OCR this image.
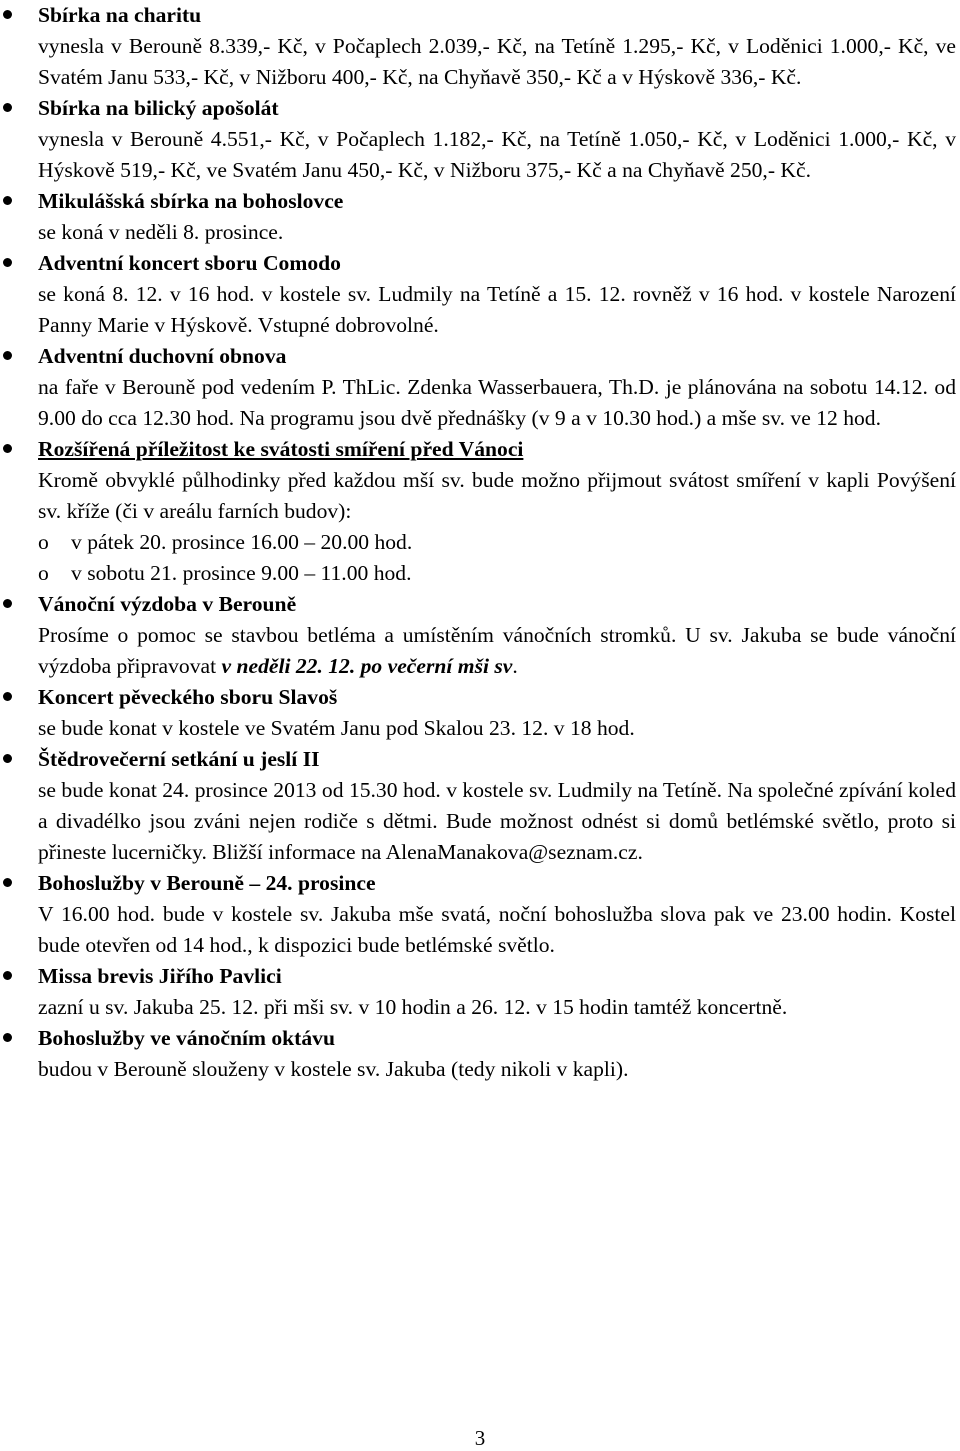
Sbírka na charitu
vynesla v Berouně 8.339,- Kč, v Počaplech 2.039,- Kč, na Tetíně 1.295,- Kč, v Loděnici 1.000,- Kč, ve Svatém Janu 533,- Kč, v Nižboru 400,- Kč, na Chyňavě 350,- Kč a v Hýskově 336,- Kč.
Sbírka na bilický apošolát
vynesla v Berouně 4.551,- Kč, v Počaplech 1.182,- Kč, na Tetíně 1.050,- Kč, v Loděnici 1.000,- Kč, v Hýskově 519,- Kč, ve Svatém Janu 450,- Kč, v Nižboru 375,- Kč a na Chyňavě 250,- Kč.
Mikulášská sbírka na bohoslovce
se koná v neděli 8. prosince.
Adventní koncert sboru Comodo
se koná 8. 12. v 16 hod. v kostele sv. Ludmily na Tetíně a 15. 12. rovněž v 16 hod. v kostele Narození Panny Marie v Hýskově. Vstupné dobrovolné.
Adventní duchovní obnova
na faře v Berouně pod vedením P. ThLic. Zdenka Wasserbauera, Th.D. je plánována na sobotu 14.12. od 9.00 do cca 12.30 hod. Na programu jsou dvě přednášky (v 9 a v 10.30 hod.) a mše sv. ve 12 hod.
Rozšířená příležitost ke svátosti smíření před Vánoci
Kromě obvyklé půlhodinky před každou mší sv. bude možno přijmout svátost smíření v kapli Povýšení sv. kříže (či v areálu farních budov):
o	v pátek 20. prosince 16.00 – 20.00 hod.
o	v sobotu 21. prosince 9.00 – 11.00 hod.
Vánoční výzdoba v Berouně
Prosíme o pomoc se stavbou betléma a umístěním vánočních stromků. U sv. Jakuba se bude vánoční výzdoba připravovat v neděli 22. 12. po večerní mši sv.
Koncert pěveckého sboru Slavoš
se bude konat v kostele ve Svatém Janu pod Skalou 23. 12. v 18 hod.
Štědrovečerní setkání u jeslí II
se bude konat 24. prosince 2013 od 15.30 hod. v kostele sv. Ludmily na Tetíně. Na společné zpívání koled a divadélko jsou zváni nejen rodiče s dětmi. Bude možnost odnést si domů betlémské světlo, proto si přineste lucerničky. Bližší informace na AlenaManakova@seznam.cz.
Bohoslužby v Berouně – 24. prosince
V 16.00 hod. bude v kostele sv. Jakuba mše svatá, noční bohoslužba slova pak ve 23.00 hodin. Kostel bude otevřen od 14 hod., k dispozici bude betlémské světlo.
Missa brevis Jiřího Pavlici
zazní u sv. Jakuba 25. 12. při mši sv. v 10 hodin a 26. 12. v 15 hodin tamtéž koncertně.
Bohoslužby ve vánočním oktávu
budou v Berouně slouženy v kostele sv. Jakuba (tedy nikoli v kapli).
3
